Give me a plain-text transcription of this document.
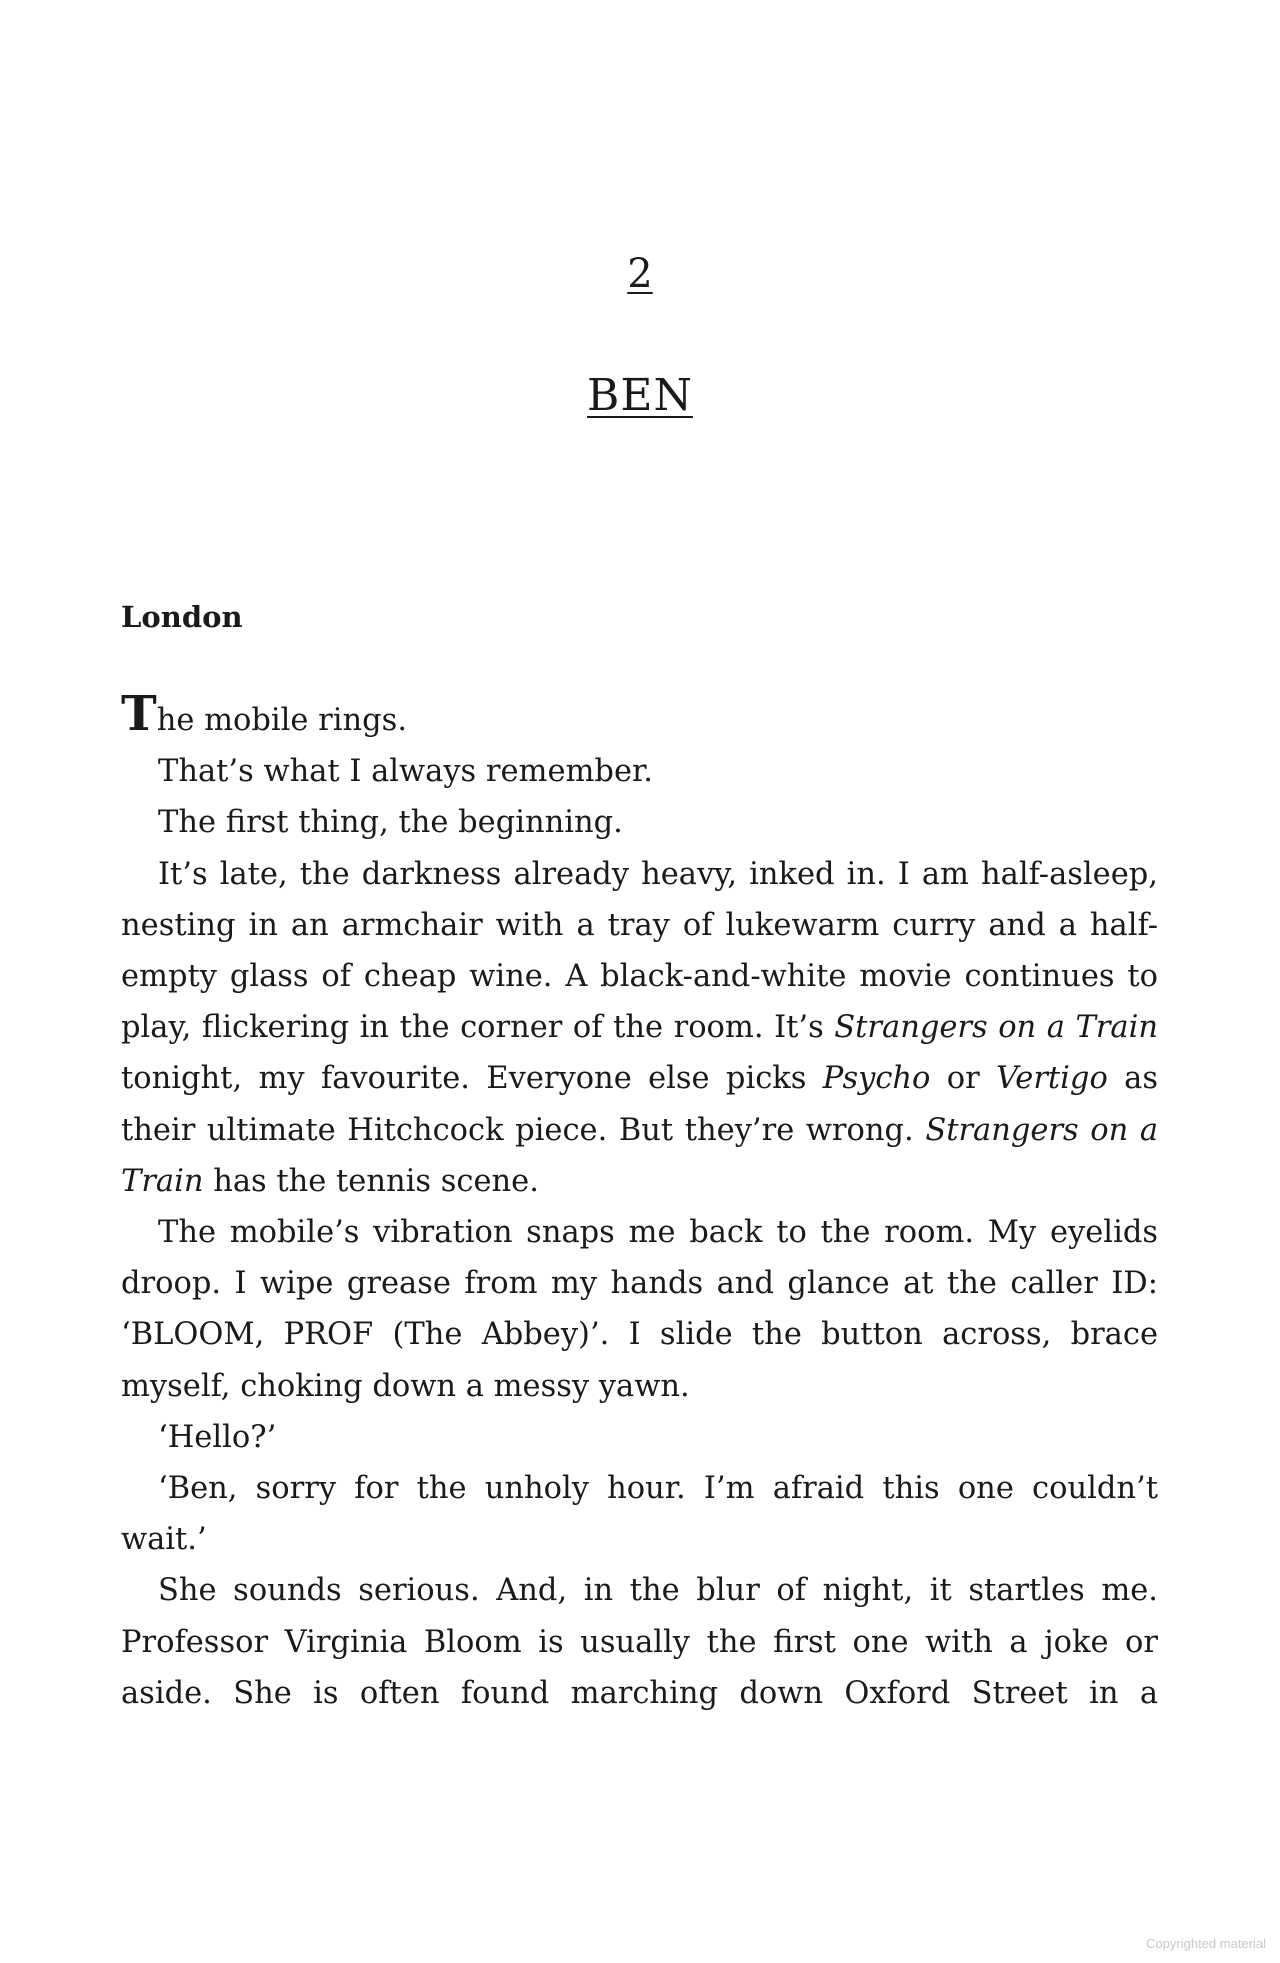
2
BEN
London

The mobile rings.

That’s what I always remember.

The first thing, the beginning.

It’s late, the darkness already heavy, inked in. I am half-asleep, nesting in an armchair with a tray of lukewarm curry and a half-empty glass of cheap wine. A black-and-white movie continues to play, flickering in the corner of the room. It’s Strangers on a Train tonight, my favourite. Everyone else picks Psycho or Vertigo as their ultimate Hitchcock piece. But they’re wrong. Strangers on a Train has the tennis scene.

The mobile’s vibration snaps me back to the room. My eyelids droop. I wipe grease from my hands and glance at the caller ID: ‘BLOOM, PROF (The Abbey)’. I slide the button across, brace myself, choking down a messy yawn.

‘Hello?’

‘Ben, sorry for the unholy hour. I’m afraid this one couldn’t wait.’

She sounds serious. And, in the blur of night, it startles me. Professor Virginia Bloom is usually the first one with a joke or aside. She is often found marching down Oxford Street in a

Copyrighted material
